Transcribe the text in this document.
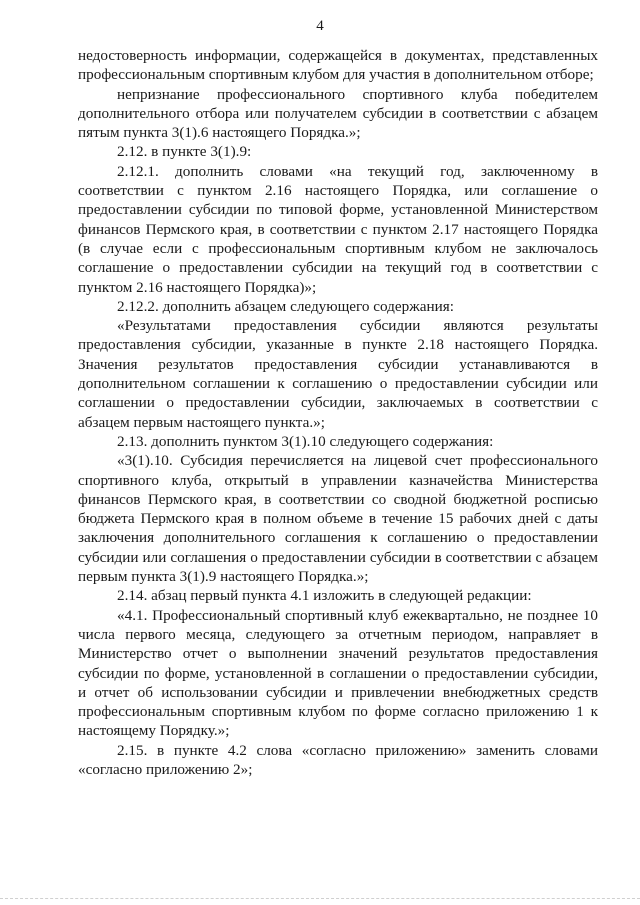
4

недостоверность информации, содержащейся в документах, представленных профессиональным спортивным клубом для участия в дополнительном отборе;

непризнание профессионального спортивного клуба победителем дополнительного отбора или получателем субсидии в соответствии с абзацем пятым пункта 3(1).6 настоящего Порядка.»;

2.12. в пункте 3(1).9:

2.12.1. дополнить словами «на текущий год, заключенному в соответствии с пунктом 2.16 настоящего Порядка, или соглашение о предоставлении субсидии по типовой форме, установленной Министерством финансов Пермского края, в соответствии с пунктом 2.17 настоящего Порядка (в случае если с профессиональным спортивным клубом не заключалось соглашение о предоставлении субсидии на текущий год в соответствии с пунктом 2.16 настоящего Порядка)»;

2.12.2. дополнить абзацем следующего содержания:

«Результатами предоставления субсидии являются результаты предоставления субсидии, указанные в пункте 2.18 настоящего Порядка. Значения результатов предоставления субсидии устанавливаются в дополнительном соглашении к соглашению о предоставлении субсидии или соглашении о предоставлении субсидии, заключаемых в соответствии с абзацем первым настоящего пункта.»;

2.13. дополнить пунктом 3(1).10 следующего содержания:

«3(1).10. Субсидия перечисляется на лицевой счет профессионального спортивного клуба, открытый в управлении казначейства Министерства финансов Пермского края, в соответствии со сводной бюджетной росписью бюджета Пермского края в полном объеме в течение 15 рабочих дней с даты заключения дополнительного соглашения к соглашению о предоставлении субсидии или соглашения о предоставлении субсидии в соответствии с абзацем первым пункта 3(1).9 настоящего Порядка.»;

2.14. абзац первый пункта 4.1 изложить в следующей редакции:

«4.1. Профессиональный спортивный клуб ежеквартально, не позднее 10 числа первого месяца, следующего за отчетным периодом, направляет в Министерство отчет о выполнении значений результатов предоставления субсидии по форме, установленной в соглашении о предоставлении субсидии, и отчет об использовании субсидии и привлечении внебюджетных средств профессиональным спортивным клубом по форме согласно приложению 1 к настоящему Порядку.»;

2.15. в пункте 4.2 слова «согласно приложению» заменить словами «согласно приложению 2»;
